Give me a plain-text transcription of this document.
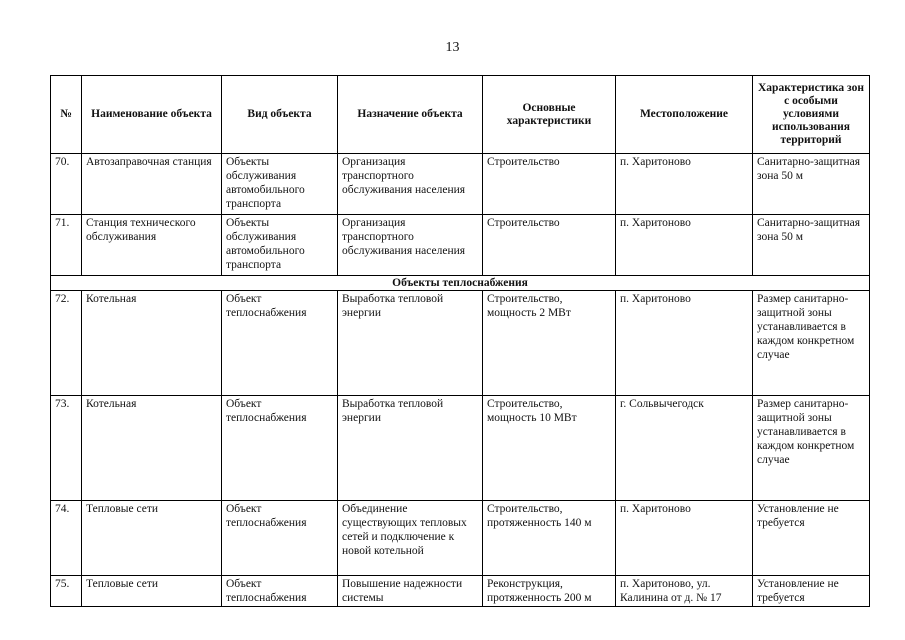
13
№	Наименование объекта	Вид объекта	Назначение объекта	Основные характеристики	Местоположение	Характеристика зон с особыми условиями использования территорий
70.	Автозаправочная станция	Объекты обслуживания автомобильного транспорта	Организация транспортного обслуживания населения	Строительство	п. Харитоново	Санитарно-защитная зона 50 м
71.	Станция технического обслуживания	Объекты обслуживания автомобильного транспорта	Организация транспортного обслуживания населения	Строительство	п. Харитоново	Санитарно-защитная зона 50 м
Объекты теплоснабжения						
72.	Котельная	Объект теплоснабжения	Выработка тепловой энергии	Строительство, мощность 2 МВт	п. Харитоново	Размер санитарно-защитной зоны устанавливается в каждом конкретном случае
73.	Котельная	Объект теплоснабжения	Выработка тепловой энергии	Строительство, мощность 10 МВт	г. Сольвычегодск	Размер санитарно-защитной зоны устанавливается в каждом конкретном случае
74.	Тепловые сети	Объект теплоснабжения	Объединение существующих тепловых сетей и подключение к новой котельной	Строительство, протяженность 140 м	п. Харитоново	Установление не требуется
75.	Тепловые сети	Объект теплоснабжения	Повышение надежности системы	Реконструкция, протяженность 200 м	п. Харитоново, ул. Калинина от д. № 17	Установление не требуется
